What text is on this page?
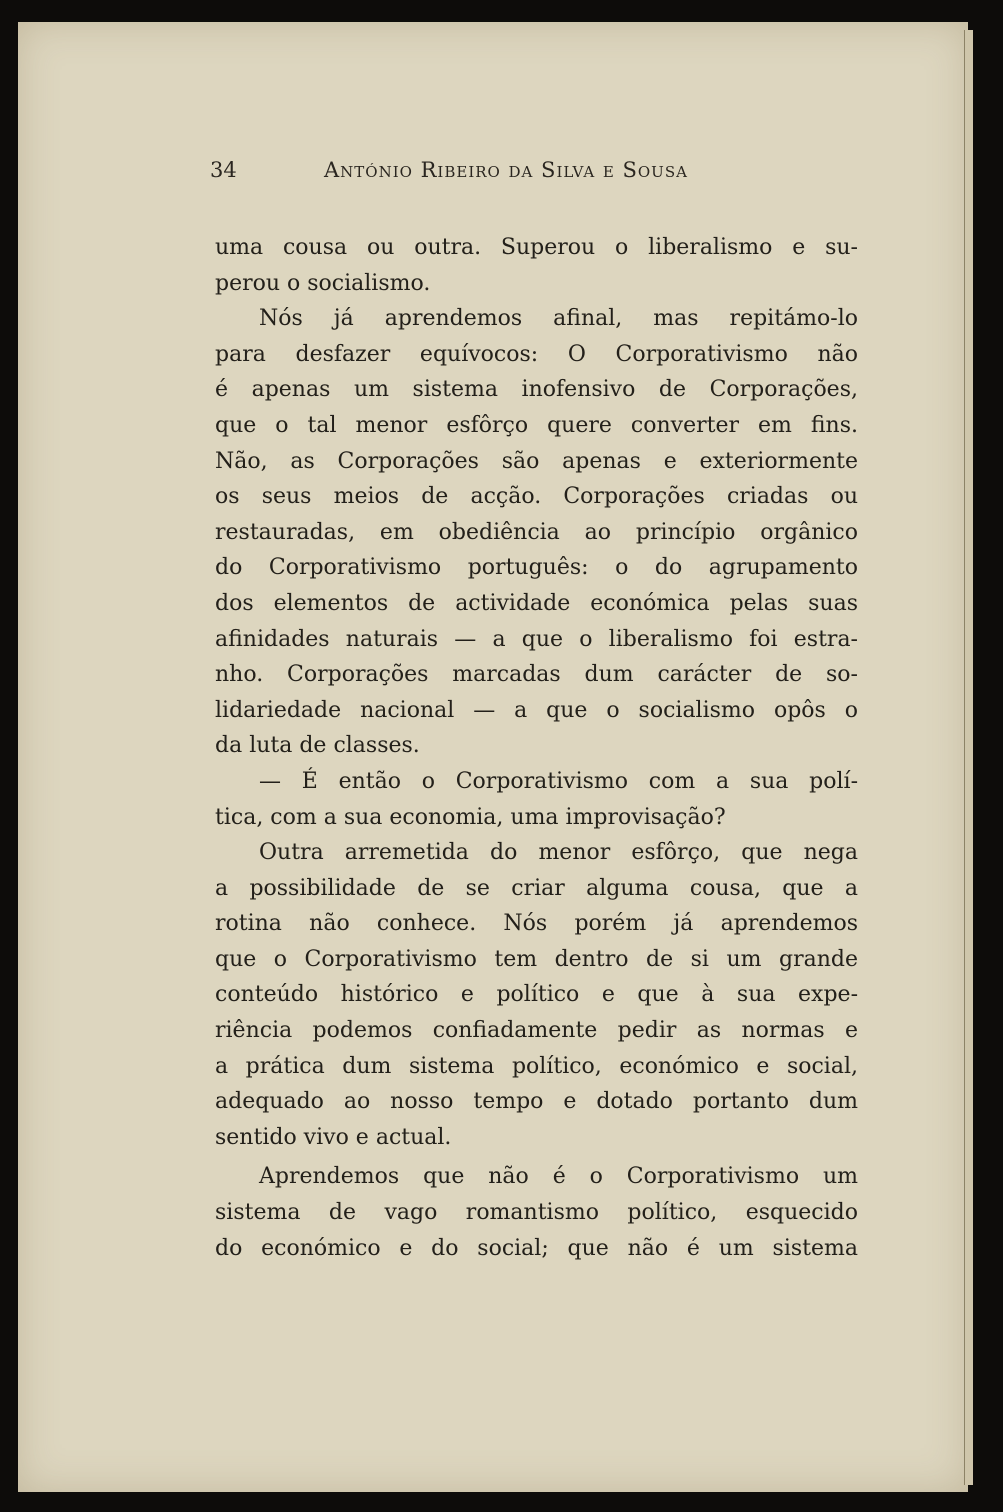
34	António Ribeiro da Silva e Sousa
uma cousa ou outra. Superou o liberalismo e su-
perou o socialismo.
Nós já aprendemos afinal, mas repitámo-lo
para desfazer equívocos: O Corporativismo não
é apenas um sistema inofensivo de Corporações,
que o tal menor esfôrço quere converter em fins.
Não, as Corporações são apenas e exteriormente
os seus meios de acção. Corporações criadas ou
restauradas, em obediência ao princípio orgânico
do Corporativismo português: o do agrupamento
dos elementos de actividade económica pelas suas
afinidades naturais — a que o liberalismo foi estra-
nho. Corporações marcadas dum carácter de so-
lidariedade nacional — a que o socialismo opôs o
da luta de classes.
— É então o Corporativismo com a sua polí-
tica, com a sua economia, uma improvisação?
Outra arremetida do menor esfôrço, que nega
a possibilidade de se criar alguma cousa, que a
rotina não conhece. Nós porém já aprendemos
que o Corporativismo tem dentro de si um grande
conteúdo histórico e político e que à sua expe-
riência podemos confiadamente pedir as normas e
a prática dum sistema político, económico e social,
adequado ao nosso tempo e dotado portanto dum
sentido vivo e actual.
Aprendemos que não é o Corporativismo um
sistema de vago romantismo político, esquecido
do económico e do social; que não é um sistema
